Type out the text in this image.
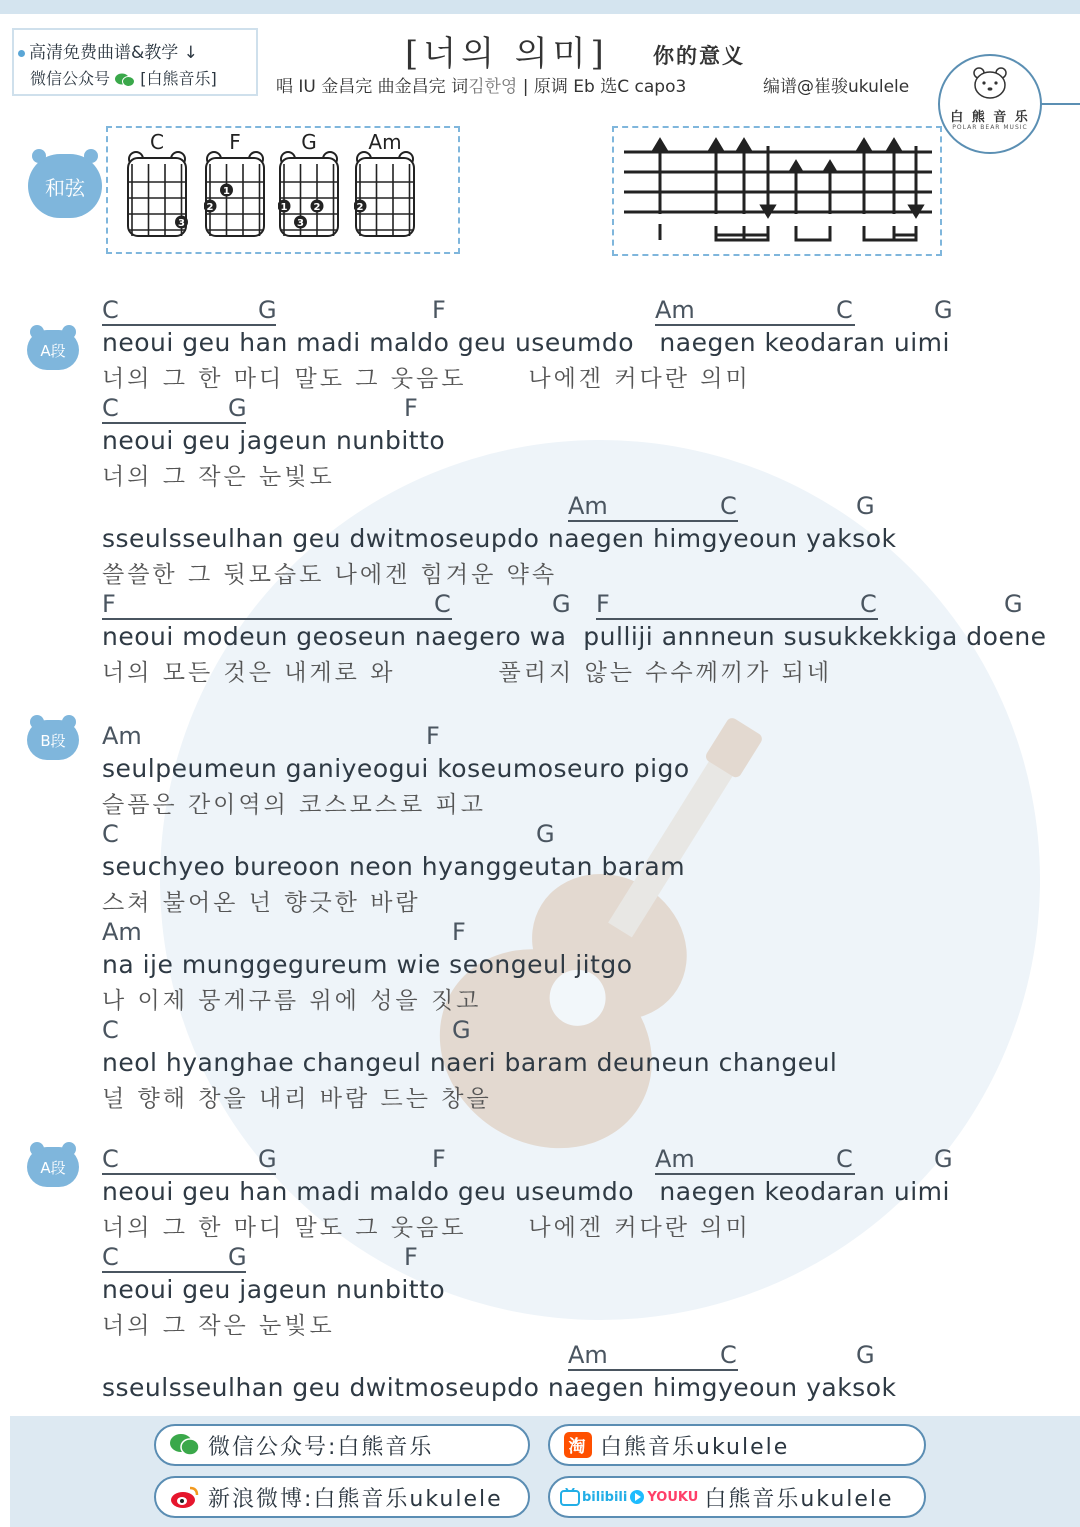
高清免费曲谱&教学 ↓
微信公众号 [白熊音乐]
[너의 의미] 你的意义
唱 IU 金昌完 曲金昌完 词김한영 | 原调 Eb 选C capo3	编谱@崔骏ukulele
白 熊 音 乐
POLAR BEAR MUSIC
和弦
C
3
F
1
2
G
1
3
2
Am
2
A段
C	G	F	Am	C	G
neoui geu han madi maldo geu useumdo   naegen keodaran uimi
너의 그 한 마디 말도 그 웃음도      나에겐 커다란 의미
C	G	F
neoui geu jageun nunbitto
너의 그 작은 눈빛도
Am	C	G
sseulsseulhan geu dwitmoseupdo naegen himgyeoun yaksok
쓸쓸한 그 뒷모습도 나에겐 힘겨운 약속
F	C	G F	C	G
neoui modeun geoseun naegero wa  pulliji annneun susukkekkiga doene
너의 모든 것은 내게로 와          풀리지 않는 수수께끼가 되네
B段 Am	F
seulpeumeun ganiyeogui koseumoseuro pigo
슬픔은 간이역의 코스모스로 피고
C	G
seuchyeo bureoon neon hyanggeutan baram
스쳐 불어온 넌 향긋한 바람
Am	F
na ije munggegureum wie seongeul jitgo
나 이제 뭉게구름 위에 성을 짓고
C	G
neol hyanghae changeul naeri baram deuneun changeul
널 향해 창을 내리 바람 드는 창을
A段 C	G	F	Am	C	G
neoui geu han madi maldo geu useumdo   naegen keodaran uimi
너의 그 한 마디 말도 그 웃음도      나에겐 커다란 의미
C	G	F
neoui geu jageun nunbitto
너의 그 작은 눈빛도
Am	C	G
sseulsseulhan geu dwitmoseupdo naegen himgyeoun yaksok
微信公众号:白熊音乐	淘 白熊音乐ukulele
新浪微博:白熊音乐ukulele	bilibili YOUKU 白熊音乐ukulele
